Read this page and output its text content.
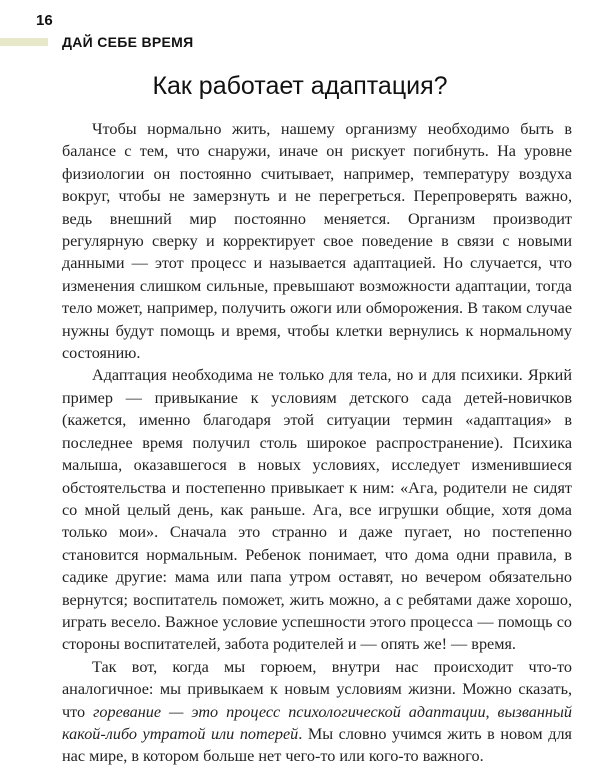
16
ДАЙ СЕБЕ ВРЕМЯ
Как работает адаптация?

Чтобы нормально жить, нашему организму необходимо быть в балансе с тем, что снаружи, иначе он рискует погибнуть. На уровне физиологии он постоянно считывает, например, температуру воздуха вокруг, чтобы не замерзнуть и не перегреться. Перепроверять важно, ведь внешний мир постоянно меняется. Организм производит регулярную сверку и корректирует свое поведение в связи с новыми данными — этот процесс и называется адаптацией. Но случается, что изменения слишком сильные, превышают возможности адаптации, тогда тело может, например, получить ожоги или обморожения. В таком случае нужны будут помощь и время, чтобы клетки вернулись к нормальному состоянию.

Адаптация необходима не только для тела, но и для психики. Яркий пример — привыкание к условиям детского сада детей-новичков (кажется, именно благодаря этой ситуации термин «адаптация» в последнее время получил столь широкое распространение). Психика малыша, оказавшегося в новых условиях, исследует изменившиеся обстоятельства и постепенно привыкает к ним: «Ага, родители не сидят со мной целый день, как раньше. Ага, все игрушки общие, хотя дома только мои». Сначала это странно и даже пугает, но постепенно становится нормальным. Ребенок понимает, что дома одни правила, в садике другие: мама или папа утром оставят, но вечером обязательно вернутся; воспитатель поможет, жить можно, а с ребятами даже хорошо, играть весело. Важное условие успешности этого процесса — помощь со стороны воспитателей, забота родителей и — опять же! — время.

Так вот, когда мы горюем, внутри нас происходит что-то аналогичное: мы привыкаем к новым условиям жизни. Можно сказать, что горевание — это процесс психологической адаптации, вызванный какой-либо утратой или потерей. Мы словно учимся жить в новом для нас мире, в котором больше нет чего-то или кого-то важного.
